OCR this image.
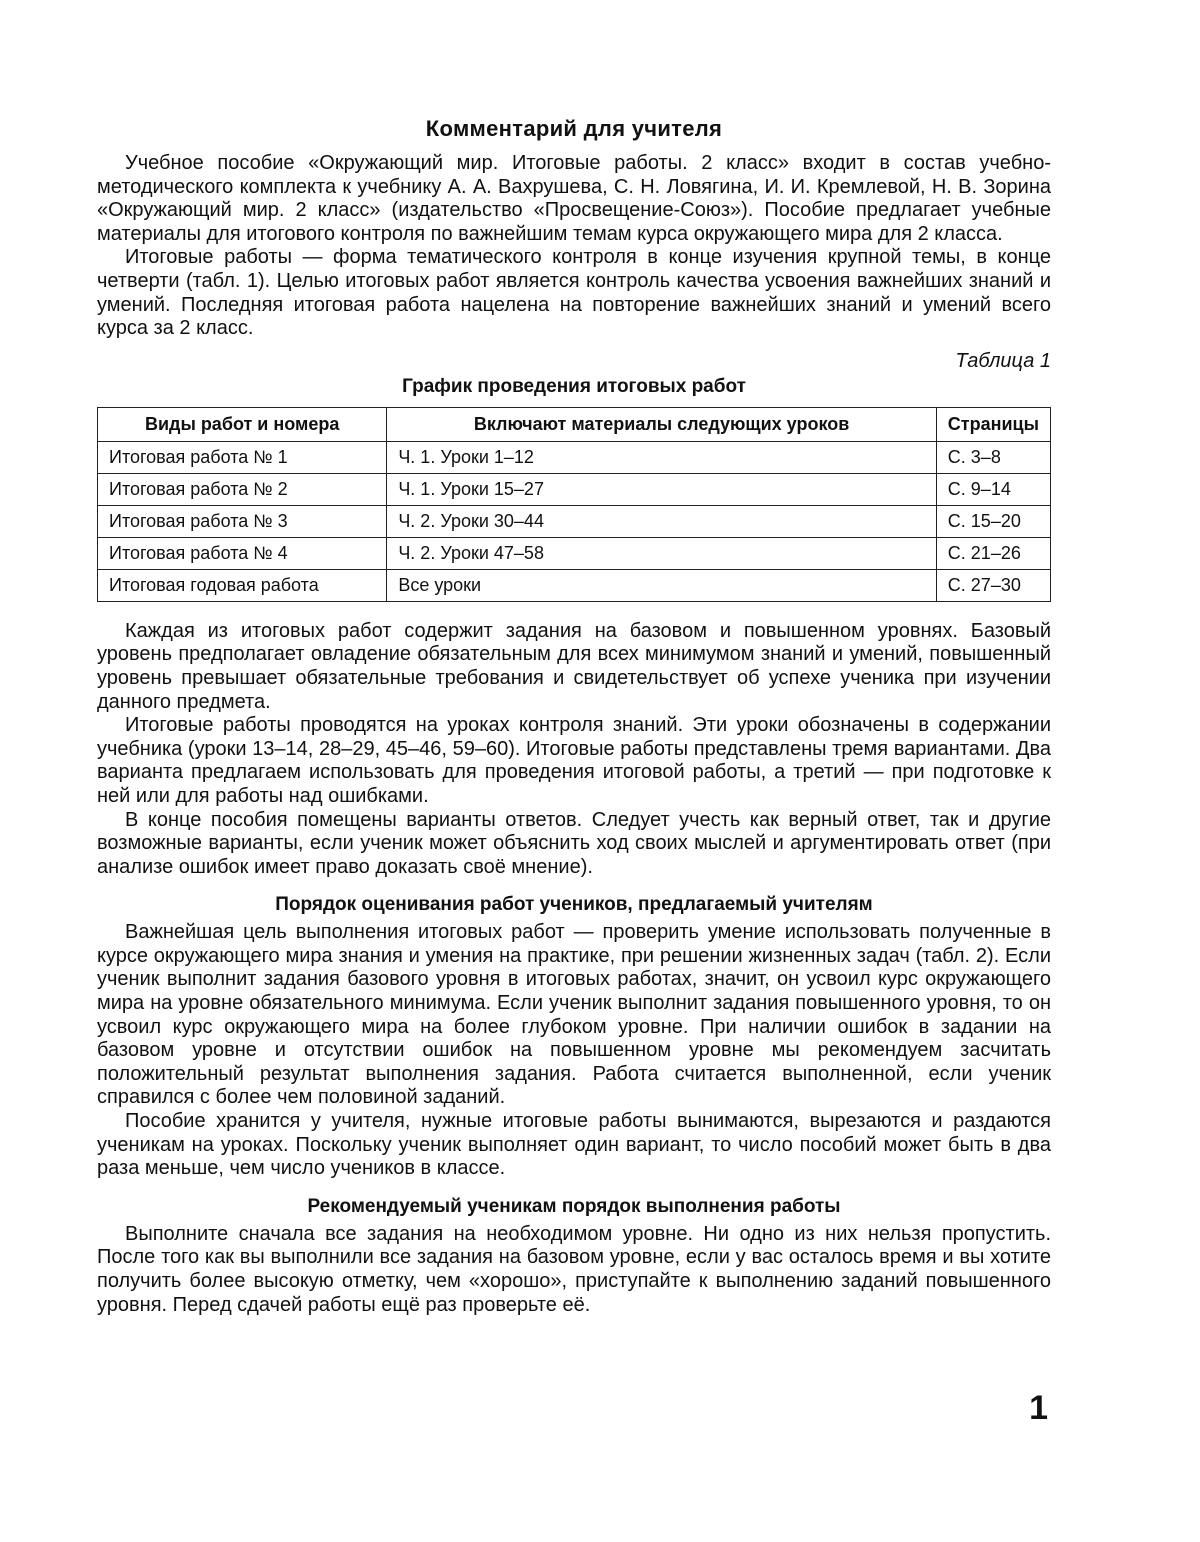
Комментарий для учителя

Учебное пособие «Окружающий мир. Итоговые работы. 2 класс» входит в состав учебно-методического комплекта к учебнику А. А. Вахрушева, С. Н. Ловягина, И. И. Кремлевой, Н. В. Зорина «Окружающий мир. 2 класс» (издательство «Просвещение-Союз»). Пособие предлагает учебные материалы для итогового контроля по важнейшим темам курса окружающего мира для 2 класса.

Итоговые работы — форма тематического контроля в конце изучения крупной темы, в конце четверти (табл. 1). Целью итоговых работ является контроль качества усвоения важнейших знаний и умений. Последняя итоговая работа нацелена на повторение важнейших знаний и умений всего курса за 2 класс.

Таблица 1
График проведения итоговых работ
Виды работ и номера	Включают материалы следующих уроков	Страницы
Итоговая работа № 1	Ч. 1. Уроки 1–12	С. 3–8
Итоговая работа № 2	Ч. 1. Уроки 15–27	С. 9–14
Итоговая работа № 3	Ч. 2. Уроки 30–44	С. 15–20
Итоговая работа № 4	Ч. 2. Уроки 47–58	С. 21–26
Итоговая годовая работа	Все уроки	С. 27–30

Каждая из итоговых работ содержит задания на базовом и повышенном уровнях. Базовый уровень предполагает овладение обязательным для всех минимумом знаний и умений, повышенный уровень превышает обязательные требования и свидетельствует об успехе ученика при изучении данного предмета.

Итоговые работы проводятся на уроках контроля знаний. Эти уроки обозначены в содержании учебника (уроки 13–14, 28–29, 45–46, 59–60). Итоговые работы представлены тремя вариантами. Два варианта предлагаем использовать для проведения итоговой работы, а третий — при подготовке к ней или для работы над ошибками.

В конце пособия помещены варианты ответов. Следует учесть как верный ответ, так и другие возможные варианты, если ученик может объяснить ход своих мыслей и аргументировать ответ (при анализе ошибок имеет право доказать своё мнение).

Порядок оценивания работ учеников, предлагаемый учителям

Важнейшая цель выполнения итоговых работ — проверить умение использовать полученные в курсе окружающего мира знания и умения на практике, при решении жизненных задач (табл. 2). Если ученик выполнит задания базового уровня в итоговых работах, значит, он усвоил курс окружающего мира на уровне обязательного минимума. Если ученик выполнит задания повышенного уровня, то он усвоил курс окружающего мира на более глубоком уровне. При наличии ошибок в задании на базовом уровне и отсутствии ошибок на повышенном уровне мы рекомендуем засчитать положительный результат выполнения задания. Работа считается выполненной, если ученик справился с более чем половиной заданий.

Пособие хранится у учителя, нужные итоговые работы вынимаются, вырезаются и раздаются ученикам на уроках. Поскольку ученик выполняет один вариант, то число пособий может быть в два раза меньше, чем число учеников в классе.

Рекомендуемый ученикам порядок выполнения работы

Выполните сначала все задания на необходимом уровне. Ни одно из них нельзя пропустить. После того как вы выполнили все задания на базовом уровне, если у вас осталось время и вы хотите получить более высокую отметку, чем «хорошо», приступайте к выполнению заданий повышенного уровня. Перед сдачей работы ещё раз проверьте её.

1
